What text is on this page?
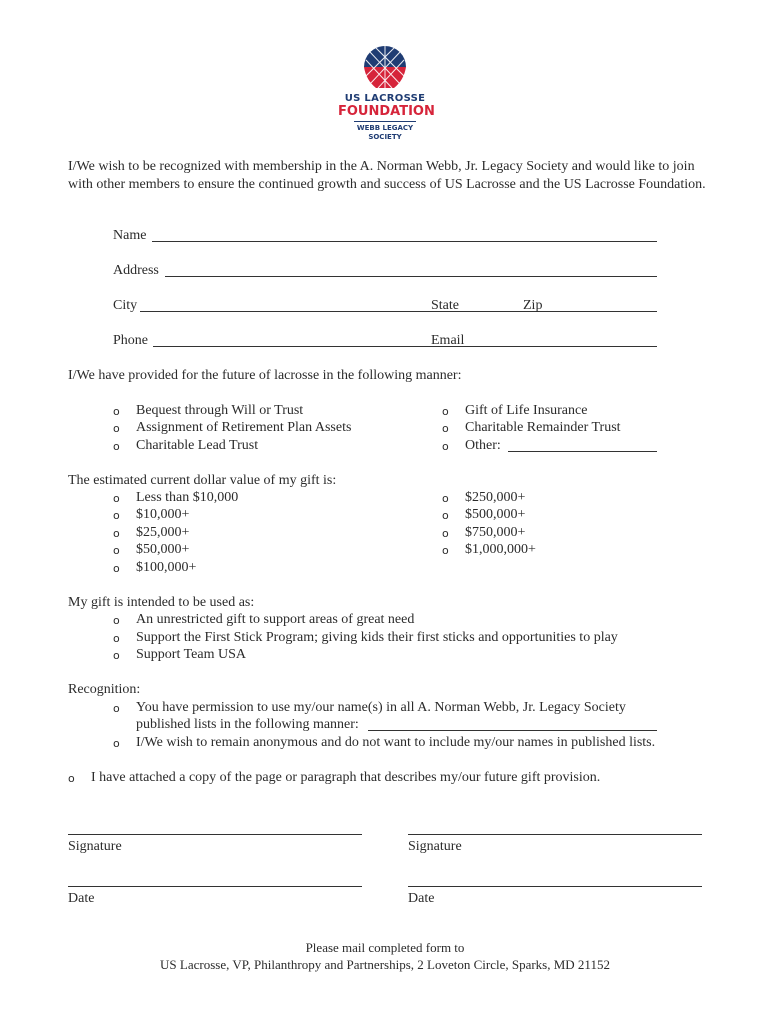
US LACROSSE
FOUNDATION
WEBB LEGACY
SOCIETY
I/We wish to be recognized with membership in the A. Norman Webb, Jr. Legacy Society and would like to join with other members to ensure the continued growth and success of US Lacrosse and the US Lacrosse Foundation.
Name
Address
City	State	Zip
Phone	Email
I/We have provided for the future of lacrosse in the following manner:
o Bequest through Will or Trust
o Assignment of Retirement Plan Assets
o Charitable Lead Trust
o Gift of Life Insurance
o Charitable Remainder Trust
o Other:
The estimated current dollar value of my gift is:
o Less than $10,000
o $10,000+
o $25,000+
o $50,000+
o $100,000+
o $250,000+
o $500,000+
o $750,000+
o $1,000,000+
My gift is intended to be used as:
o An unrestricted gift to support areas of great need
o Support the First Stick Program; giving kids their first sticks and opportunities to play
o Support Team USA
Recognition:
o You have permission to use my/our name(s) in all A. Norman Webb, Jr. Legacy Society
published lists in the following manner:
o I/We wish to remain anonymous and do not want to include my/our names in published lists.
o I have attached a copy of the page or paragraph that describes my/our future gift provision.
Signature	Signature
Date	Date
Please mail completed form to
US Lacrosse, VP, Philanthropy and Partnerships, 2 Loveton Circle, Sparks, MD 21152
